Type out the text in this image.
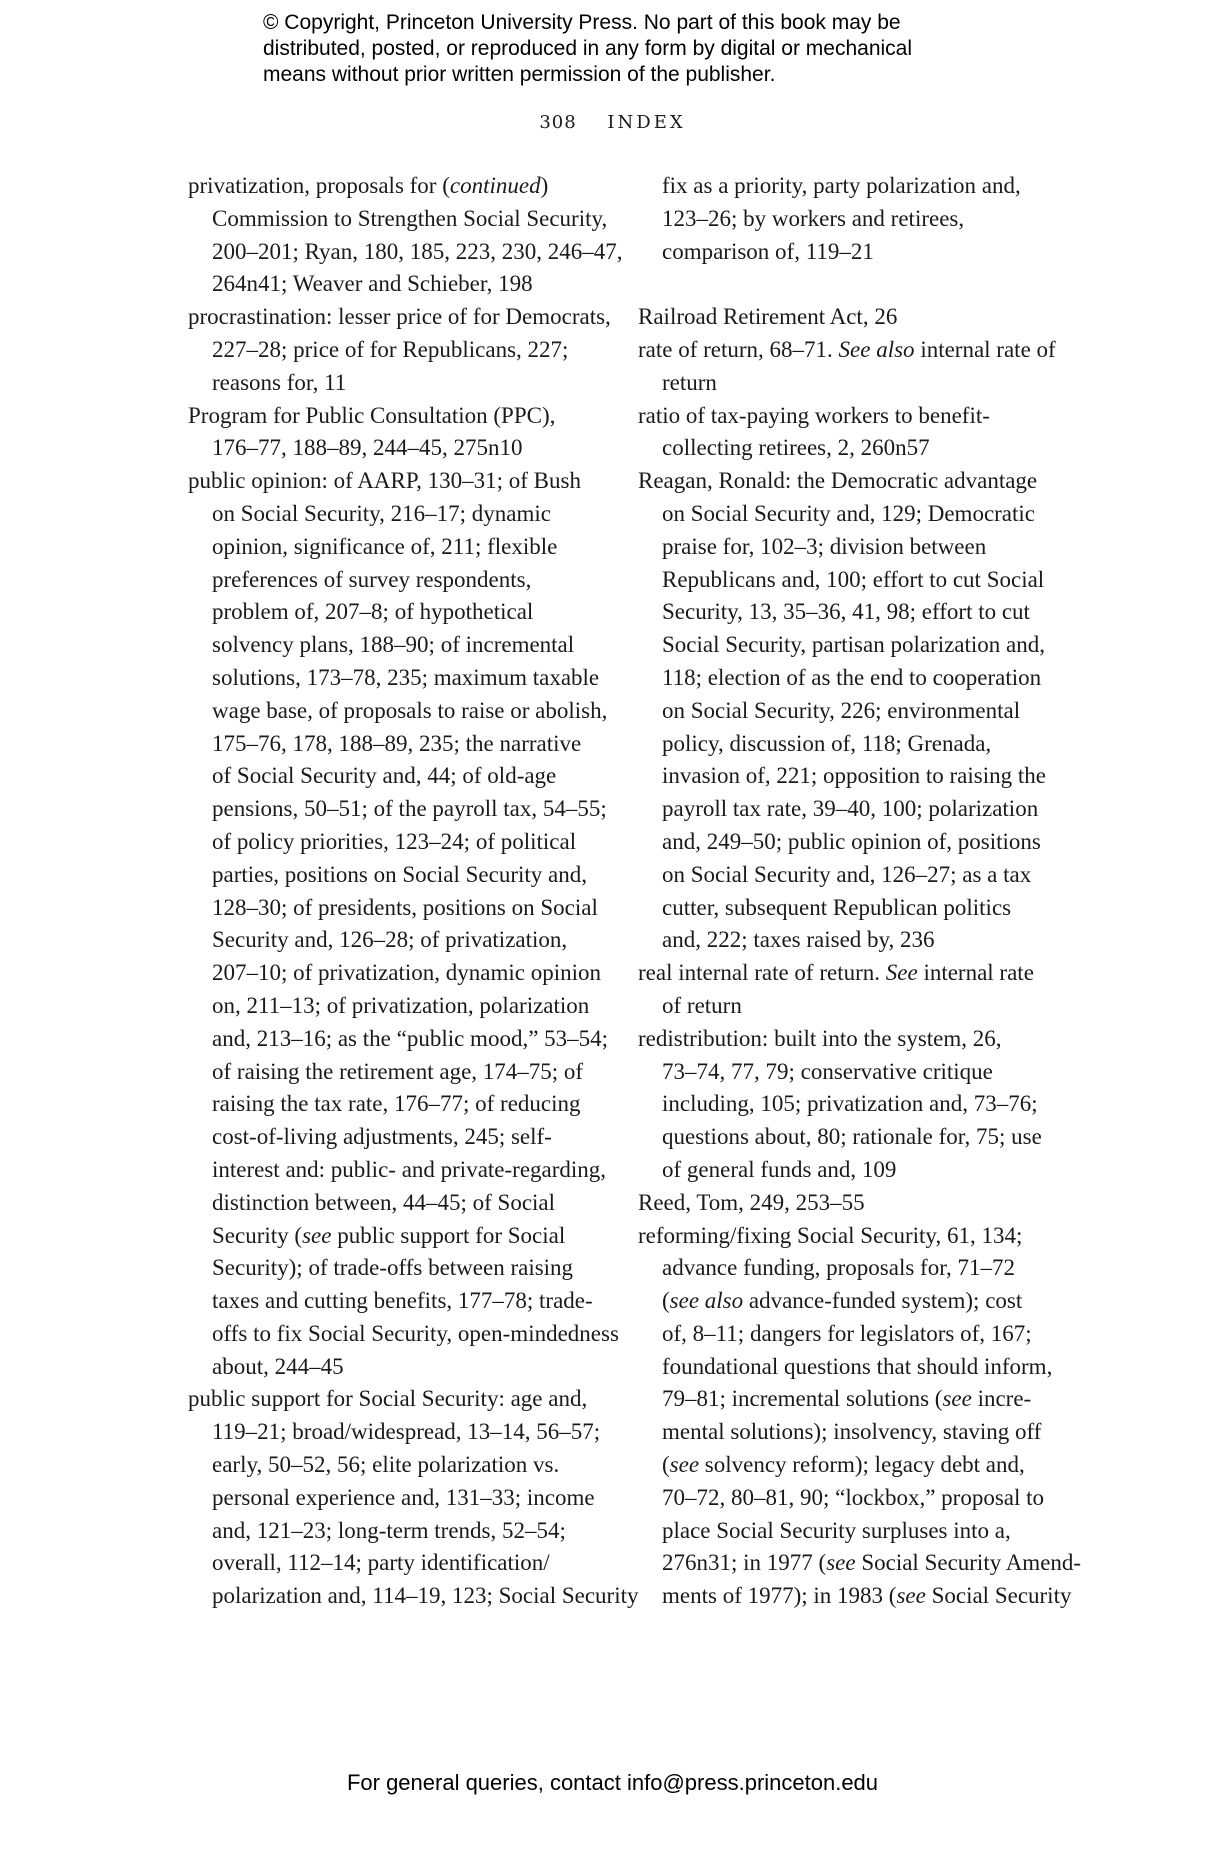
© Copyright, Princeton University Press. No part of this book may be
distributed, posted, or reproduced in any form by digital or mechanical
means without prior written permission of the publisher.
308 INDEX
privatization, proposals for (continued)
Commission to Strengthen Social Security,
200–201; Ryan, 180, 185, 223, 230, 246–47,
264n41; Weaver and Schieber, 198
procrastination: lesser price of for Democrats,
227–28; price of for Republicans, 227;
reasons for, 11
Program for Public Consultation (PPC),
176–77, 188–89, 244–45, 275n10
public opinion: of AARP, 130–31; of Bush
on Social Security, 216–17; dynamic
opinion, significance of, 211; flexible
preferences of survey respondents,
problem of, 207–8; of hypothetical
solvency plans, 188–90; of incremental
solutions, 173–78, 235; maximum taxable
wage base, of proposals to raise or abolish,
175–76, 178, 188–89, 235; the narrative
of Social Security and, 44; of old-age
pensions, 50–51; of the payroll tax, 54–55;
of policy priorities, 123–24; of political
parties, positions on Social Security and,
128–30; of presidents, positions on Social
Security and, 126–28; of privatization,
207–10; of privatization, dynamic opinion
on, 211–13; of privatization, polarization
and, 213–16; as the “public mood,” 53–54;
of raising the retirement age, 174–75; of
raising the tax rate, 176–77; of reducing
cost-of-living adjustments, 245; self-
interest and: public- and private-regarding,
distinction between, 44–45; of Social
Security (see public support for Social
Security); of trade-offs between raising
taxes and cutting benefits, 177–78; trade-
offs to fix Social Security, open-mindedness
about, 244–45
public support for Social Security: age and,
119–21; broad/widespread, 13–14, 56–57;
early, 50–52, 56; elite polarization vs.
personal experience and, 131–33; income
and, 121–23; long-term trends, 52–54;
overall, 112–14; party identification/
polarization and, 114–19, 123; Social Security
fix as a priority, party polarization and,
123–26; by workers and retirees,
comparison of, 119–21
Railroad Retirement Act, 26
rate of return, 68–71. See also internal rate of
return
ratio of tax-paying workers to benefit-
collecting retirees, 2, 260n57
Reagan, Ronald: the Democratic advantage
on Social Security and, 129; Democratic
praise for, 102–3; division between
Republicans and, 100; effort to cut Social
Security, 13, 35–36, 41, 98; effort to cut
Social Security, partisan polarization and,
118; election of as the end to cooperation
on Social Security, 226; environmental
policy, discussion of, 118; Grenada,
invasion of, 221; opposition to raising the
payroll tax rate, 39–40, 100; polarization
and, 249–50; public opinion of, positions
on Social Security and, 126–27; as a tax
cutter, subsequent Republican politics
and, 222; taxes raised by, 236
real internal rate of return. See internal rate
of return
redistribution: built into the system, 26,
73–74, 77, 79; conservative critique
including, 105; privatization and, 73–76;
questions about, 80; rationale for, 75; use
of general funds and, 109
Reed, Tom, 249, 253–55
reforming/fixing Social Security, 61, 134;
advance funding, proposals for, 71–72
(see also advance-funded system); cost
of, 8–11; dangers for legislators of, 167;
foundational questions that should inform,
79–81; incremental solutions (see incre-
mental solutions); insolvency, staving off
(see solvency reform); legacy debt and,
70–72, 80–81, 90; “lockbox,” proposal to
place Social Security surpluses into a,
276n31; in 1977 (see Social Security Amend-
ments of 1977); in 1983 (see Social Security
For general queries, contact info@press.princeton.edu
